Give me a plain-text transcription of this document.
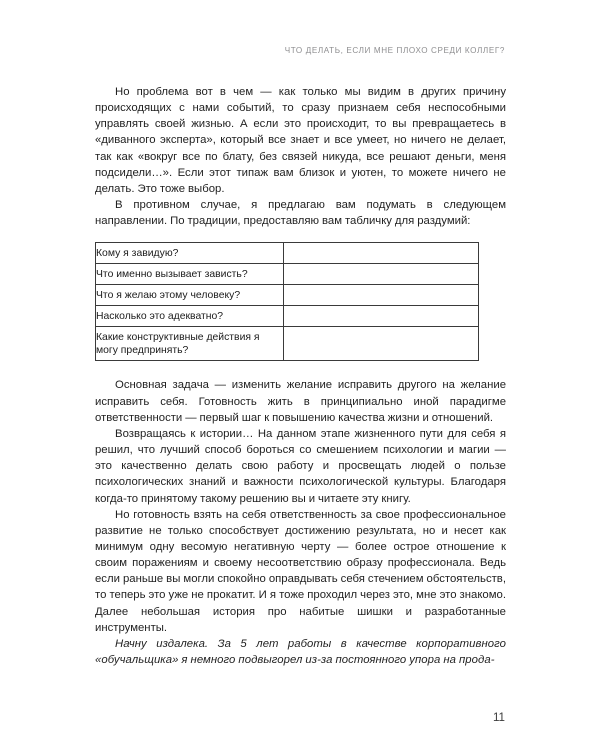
ЧТО ДЕЛАТЬ, ЕСЛИ МНЕ ПЛОХО СРЕДИ КОЛЛЕГ?

Но проблема вот в чем — как только мы видим в других причину происходящих с нами событий, то сразу признаем себя неспособными управлять своей жизнью. А если это происходит, то вы превращаетесь в «диванного эксперта», который все знает и все умеет, но ничего не делает, так как «вокруг все по блату, без связей никуда, все решают деньги, меня подсидели…». Если этот типаж вам близок и уютен, то можете ничего не делать. Это тоже выбор.

В противном случае, я предлагаю вам подумать в следующем направлении. По традиции, предоставляю вам табличку для раздумий:

Кому я завидую?	
Что именно вызывает зависть?	
Что я желаю этому человеку?	
Насколько это адекватно?	
Какие конструктивные действия я могу предпринять?	

Основная задача — изменить желание исправить другого на желание исправить себя. Готовность жить в принципиально иной парадигме ответственности — первый шаг к повышению качества жизни и отношений.

Возвращаясь к истории… На данном этапе жизненного пути для себя я решил, что лучший способ бороться со смешением психологии и магии — это качественно делать свою работу и просвещать людей о пользе психологических знаний и важности психологической культуры. Благодаря когда-то принятому такому решению вы и читаете эту книгу.

Но готовность взять на себя ответственность за свое профессиональное развитие не только способствует достижению результата, но и несет как минимум одну весомую негативную черту — более острое отношение к своим поражениям и своему несоответствию образу профессионала. Ведь если раньше вы могли спокойно оправдывать себя стечением обстоятельств, то теперь это уже не прокатит. И я тоже проходил через это, мне это знакомо. Далее небольшая история про набитые шишки и разработанные инструменты.

Начну издалека. За 5 лет работы в качестве корпоративного «обучальщика» я немного подвыгорел из-за постоянного упора на прода-

11
